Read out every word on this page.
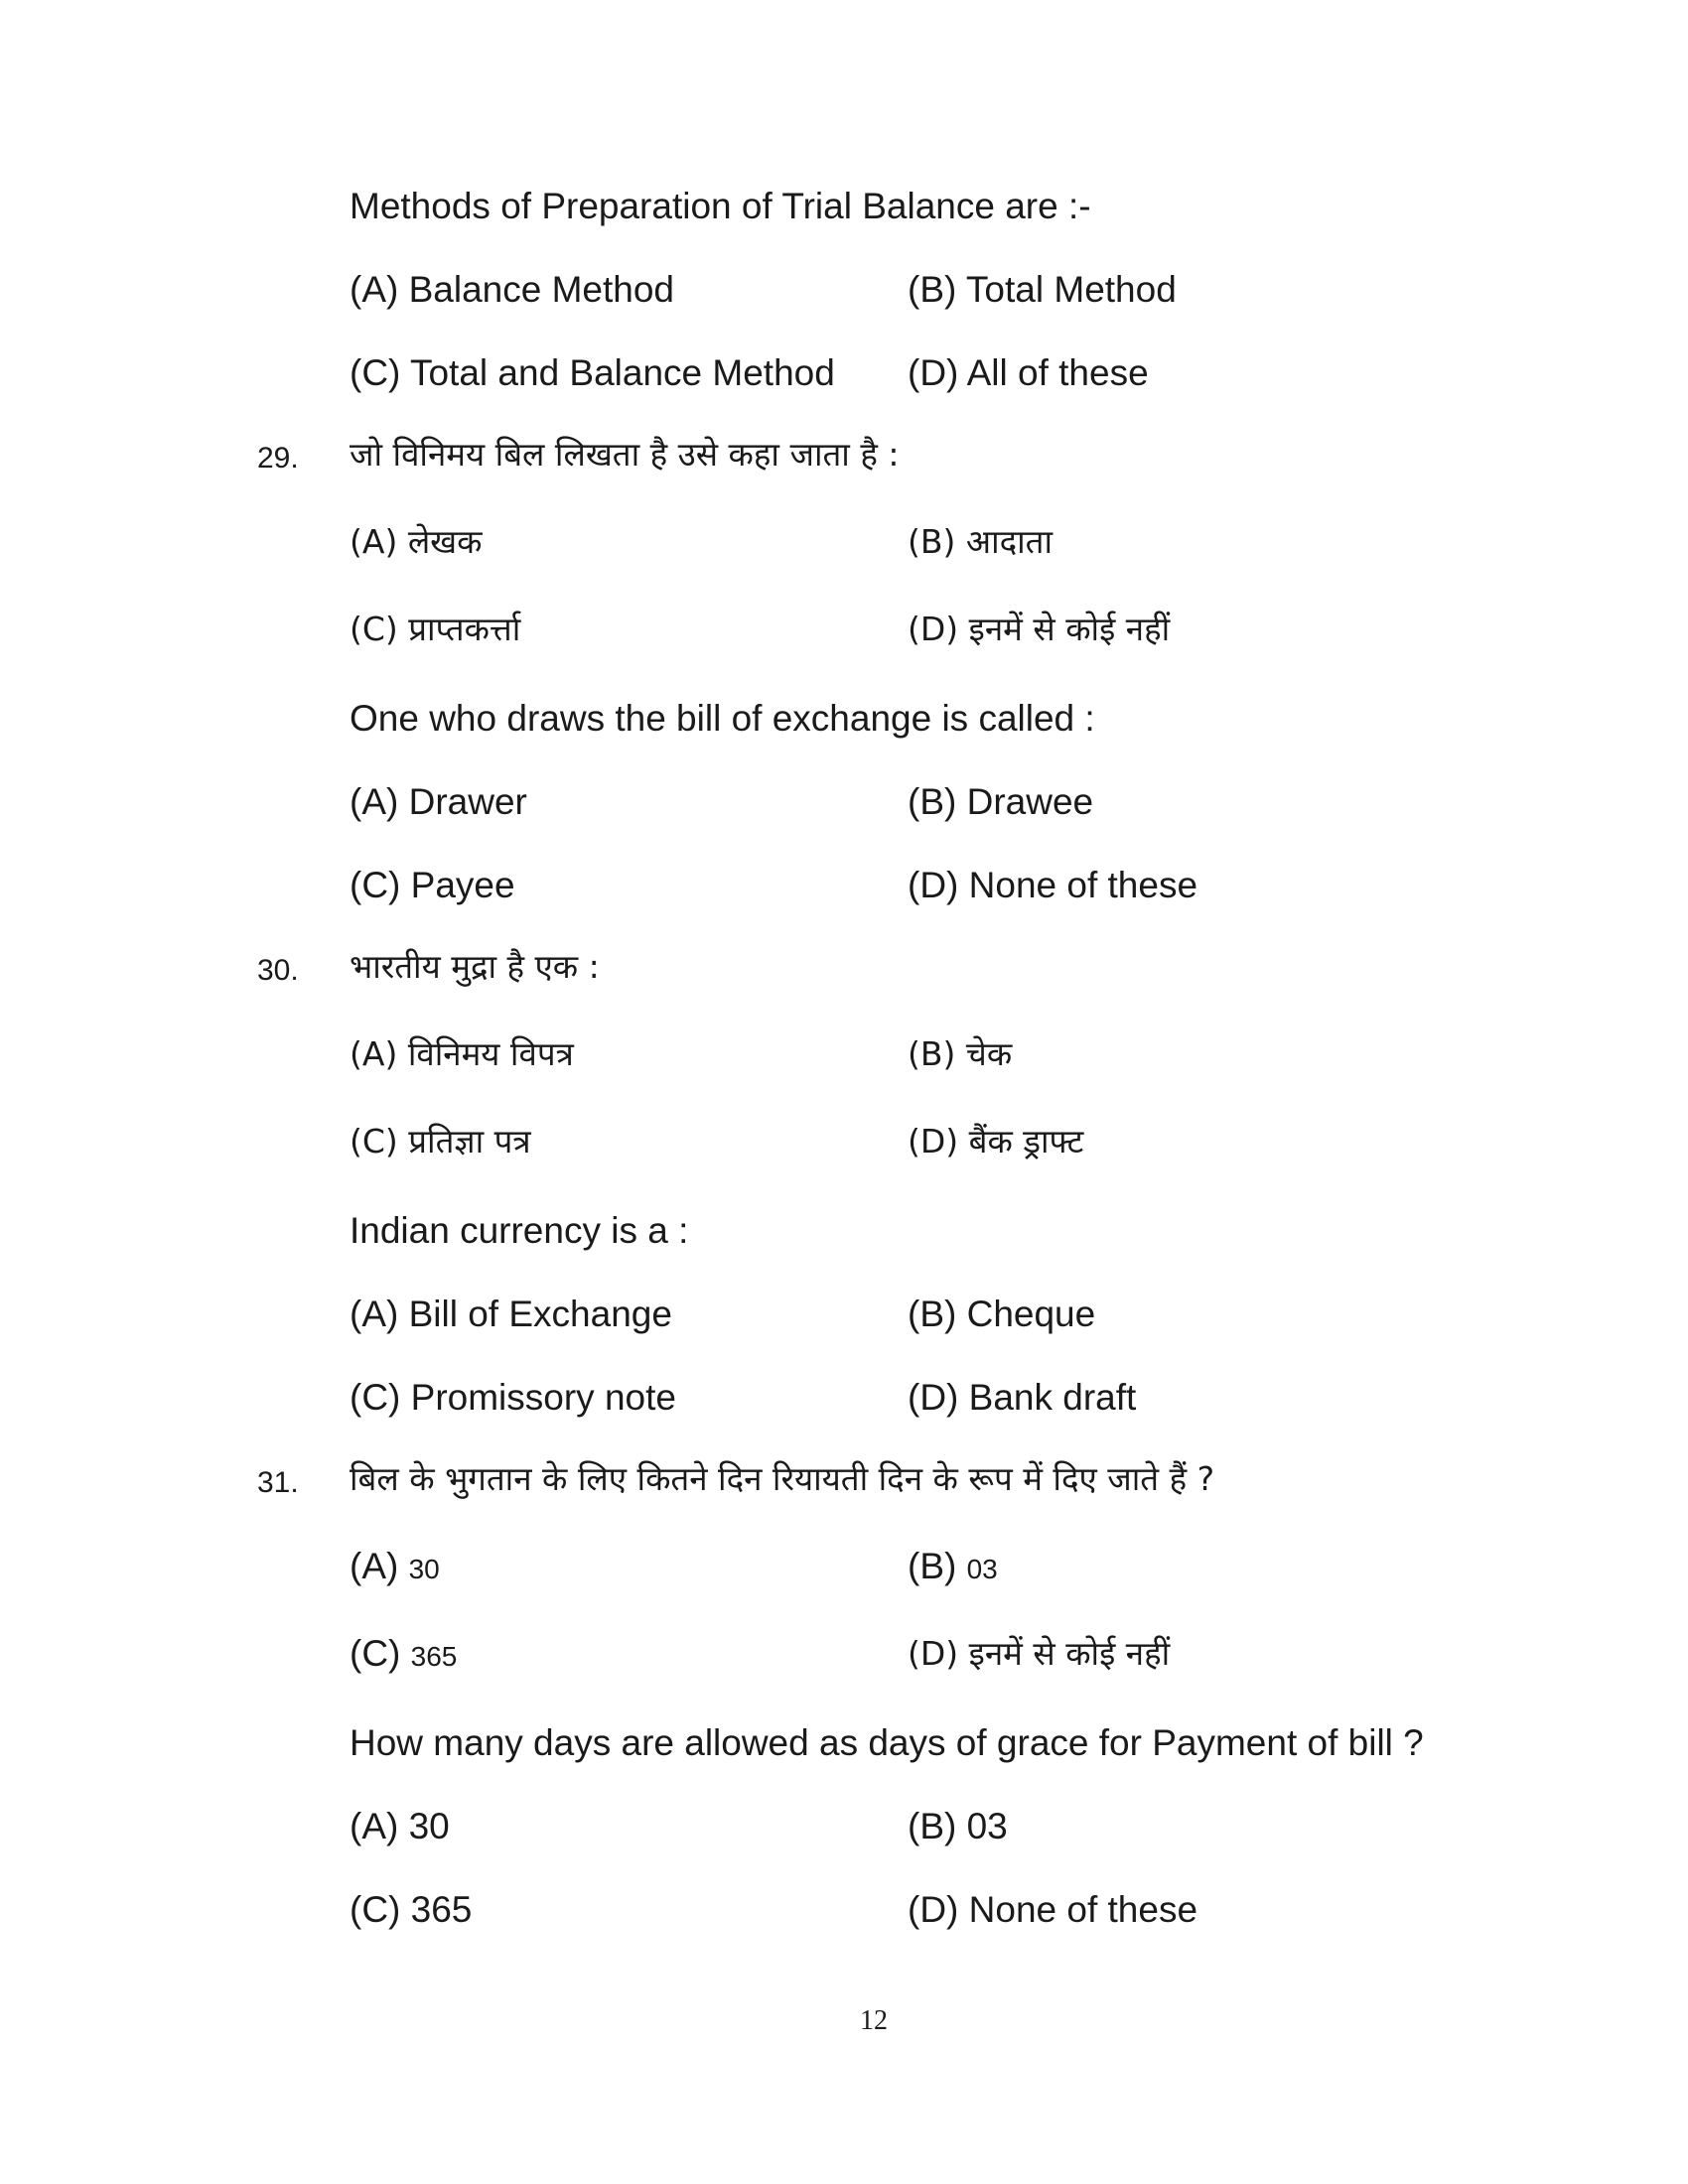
Methods of Preparation of Trial Balance are :-
(A) Balance Method	(B) Total Method
(C) Total and Balance Method (D) All of these
29. जो विनिमय बिल लिखता है उसे कहा जाता है :
(A) लेखक	(B) आदाता
(C) प्राप्तकर्त्ता	(D) इनमें से कोई नहीं
One who draws the bill of exchange is called :
(A) Drawer	(B) Drawee
(C) Payee	(D) None of these
30. भारतीय मुद्रा है एक :
(A) विनिमय विपत्र	(B) चेक
(C) प्रतिज्ञा पत्र	(D) बैंक ड्राफ्ट
Indian currency is a :
(A) Bill of Exchange	(B) Cheque
(C) Promissory note	(D) Bank draft
31. बिल के भुगतान के लिए कितने दिन रियायती दिन के रूप में दिए जाते हैं ?
(A) 30	(B) 03
(C) 365	(D) इनमें से कोई नहीं
How many days are allowed as days of grace for Payment of bill ?
(A) 30	(B) 03
(C) 365	(D) None of these
12
